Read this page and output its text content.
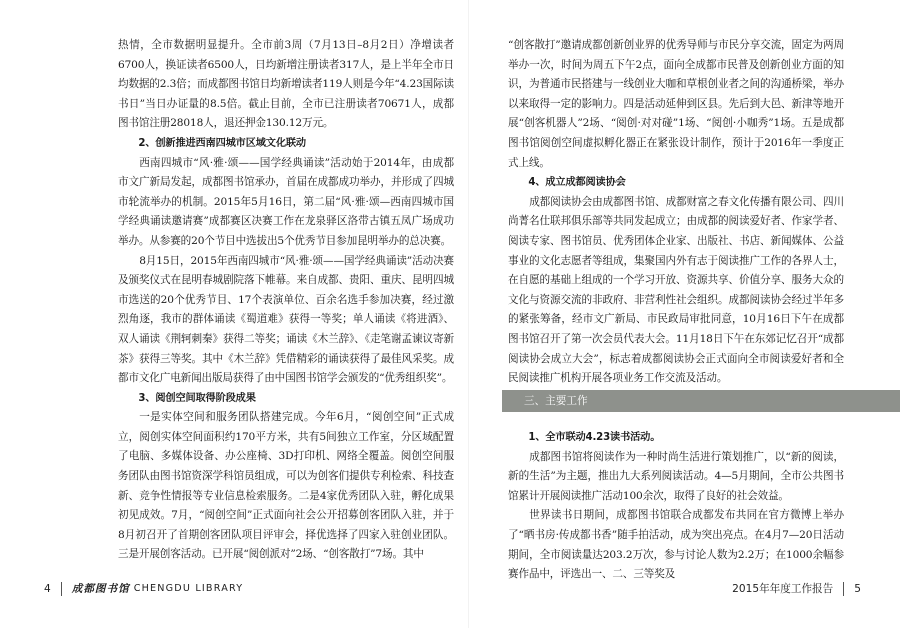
热情，全市数据明显提升。全市前3周（7月13日–8月2日）净增读者6700人，换证读者6500人，日均新增注册读者317人，是上半年全市日均数据的2.3倍；而成都图书馆日均新增读者119人则是今年“4.23国际读书日”当日办证量的8.5倍。截止目前，全市已注册读者70671人，成都图书馆注册28018人，退还押金130.12万元。

2、创新推进西南四城市区域文化联动

西南四城市“风·雅·颂——国学经典诵读”活动始于2014年，由成都市文广新局发起，成都图书馆承办，首届在成都成功举办，并形成了四城市轮流举办的机制。2015年5月16日，第二届“风·雅·颂—西南四城市国学经典诵读邀请赛”成都赛区决赛工作在龙泉驿区洛带古镇五凤广场成功举办。从参赛的20个节目中选拔出5个优秀节目参加昆明举办的总决赛。

8月15日，2015年西南四城市“风·雅·颂——国学经典诵读”活动决赛及颁奖仪式在昆明春城剧院落下帷幕。来自成都、贵阳、重庆、昆明四城市选送的20个优秀节目、17个表演单位、百余名选手参加决赛，经过激烈角逐，我市的群体诵读《蜀道难》获得一等奖；单人诵读《将进酒》、双人诵读《荆轲刺秦》获得二等奖；诵读《木兰辞》、《走笔谢孟谏议寄新茶》获得三等奖。其中《木兰辞》凭借精彩的诵读获得了最佳风采奖。成都市文化广电新闻出版局获得了由中国图书馆学会颁发的“优秀组织奖”。

3、阅创空间取得阶段成果

一是实体空间和服务团队搭建完成。今年6月，“阅创空间”正式成立，阅创实体空间面积约170平方米，共有5间独立工作室，分区域配置了电脑、多媒体设备、办公座椅、3D打印机、网络全覆盖。阅创空间服务团队由图书馆资深学科馆员组成，可以为创客们提供专利检索、科技查新、竞争性情报等专业信息检索服务。二是4家优秀团队入驻，孵化成果初见成效。7月，“阅创空间”正式面向社会公开招募创客团队入驻，并于8月初召开了首期创客团队项目评审会，择优选择了四家入驻创业团队。三是开展创客活动。已开展“阅创派对”2场、“创客散打”7场。其中

“创客散打”邀请成都创新创业界的优秀导师与市民分享交流，固定为两周举办一次，时间为周五下午2点，面向全成都市民普及创新创业方面的知识，为普通市民搭建与一线创业大咖和草根创业者之间的沟通桥梁，举办以来取得一定的影响力。四是活动延伸到区县。先后到大邑、新津等地开展“创客机器人”2场、“阅创·对对碰”1场、“阅创·小咖秀”1场。五是成都图书馆阅创空间虚拟孵化器正在紧张设计制作，预计于2016年一季度正式上线。

4、成立成都阅读协会

成都阅读协会由成都图书馆、成都财富之春文化传播有限公司、四川尚菁名仕联邦俱乐部等共同发起成立；由成都的阅读爱好者、作家学者、阅读专家、图书馆员、优秀团体企业家、出版社、书店、新闻媒体、公益事业的文化志愿者等组成，集聚国内外有志于阅读推广工作的各界人士，在自愿的基础上组成的一个学习开放、资源共享、价值分享、服务大众的文化与资源交流的非政府、非营利性社会组织。成都阅读协会经过半年多的紧张筹备，经市文广新局、市民政局审批同意，10月16日下午在成都图书馆召开了第一次会员代表大会。11月18日下午在东郊记忆召开“成都阅读协会成立大会”，标志着成都阅读协会正式面向全市阅读爱好者和全民阅读推广机构开展各项业务工作交流及活动。

三、主要工作

1、全市联动4.23读书活动。

成都图书馆将阅读作为一种时尚生活进行策划推广，以“新的阅读，新的生活”为主题，推出九大系列阅读活动。4—5月期间，全市公共图书馆累计开展阅读推广活动100余次，取得了良好的社会效益。

世界读书日期间，成都图书馆联合成都发布共同在官方微博上举办了“晒书房·传成都书香”随手拍活动，成为突出亮点。在4月7—20日活动期间，全市阅读量达203.2万次，参与讨论人数为2.2万；在1000余幅参赛作品中，评选出一、二、三等奖及

4 成都图书馆 CHENGDU LIBRARY	2015年年度工作报告 5
